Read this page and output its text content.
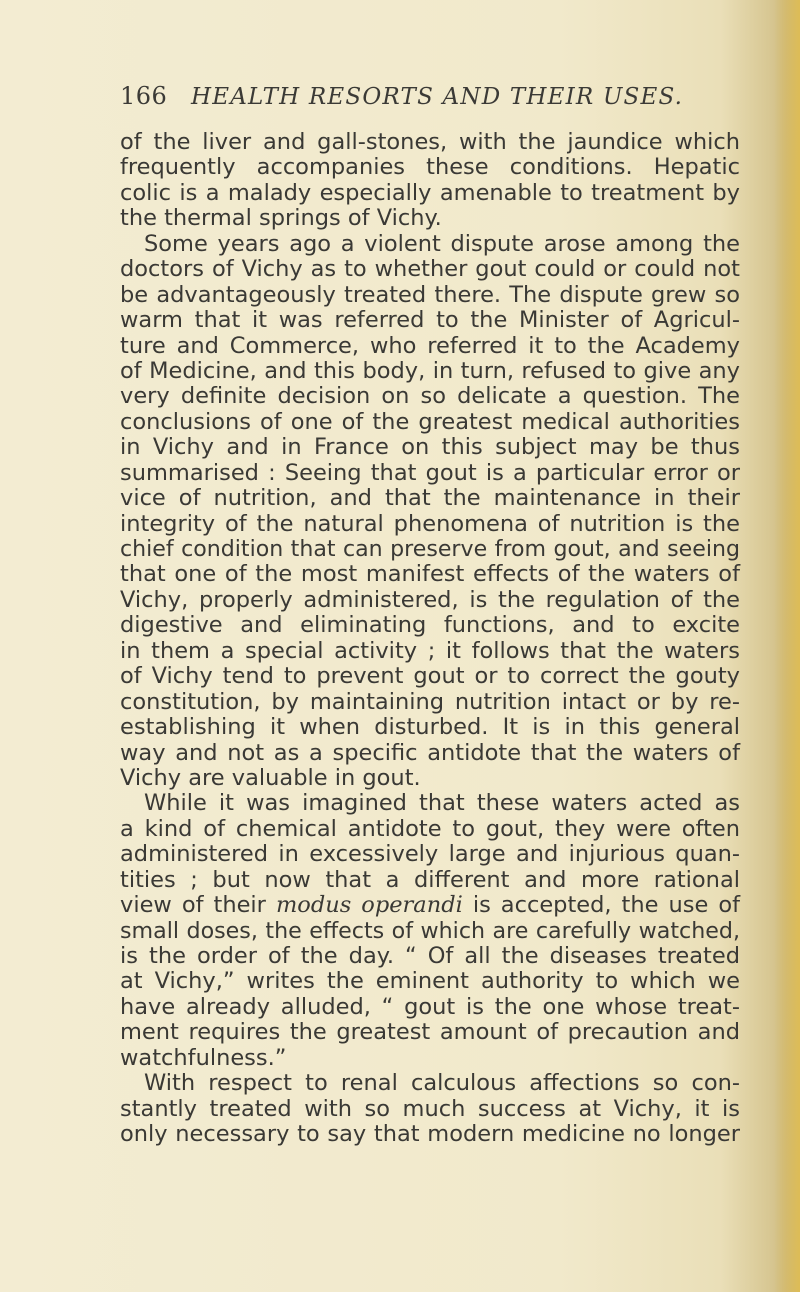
166 HEALTH RESORTS AND THEIR USES.
of the liver and gall-stones, with the jaundice which
frequently accompanies these conditions. Hepatic
colic is a malady especially amenable to treatment by
the thermal springs of Vichy.
Some years ago a violent dispute arose among the
doctors of Vichy as to whether gout could or could not
be advantageously treated there. The dispute grew so
warm that it was referred to the Minister of Agricul-
ture and Commerce, who referred it to the Academy
of Medicine, and this body, in turn, refused to give any
very definite decision on so delicate a question. The
conclusions of one of the greatest medical authorities
in Vichy and in France on this subject may be thus
summarised : Seeing that gout is a particular error or
vice of nutrition, and that the maintenance in their
integrity of the natural phenomena of nutrition is the
chief condition that can preserve from gout, and seeing
that one of the most manifest effects of the waters of
Vichy, properly administered, is the regulation of the
digestive and eliminating functions, and to excite
in them a special activity ; it follows that the waters
of Vichy tend to prevent gout or to correct the gouty
constitution, by maintaining nutrition intact or by re-
establishing it when disturbed. It is in this general
way and not as a specific antidote that the waters of
Vichy are valuable in gout.
While it was imagined that these waters acted as
a kind of chemical antidote to gout, they were often
administered in excessively large and injurious quan-
tities ; but now that a different and more rational
view of their modus operandi is accepted, the use of
small doses, the effects of which are carefully watched,
is the order of the day. “ Of all the diseases treated
at Vichy,” writes the eminent authority to which we
have already alluded, “ gout is the one whose treat-
ment requires the greatest amount of precaution and
watchfulness.”
With respect to renal calculous affections so con-
stantly treated with so much success at Vichy, it is
only necessary to say that modern medicine no longer
